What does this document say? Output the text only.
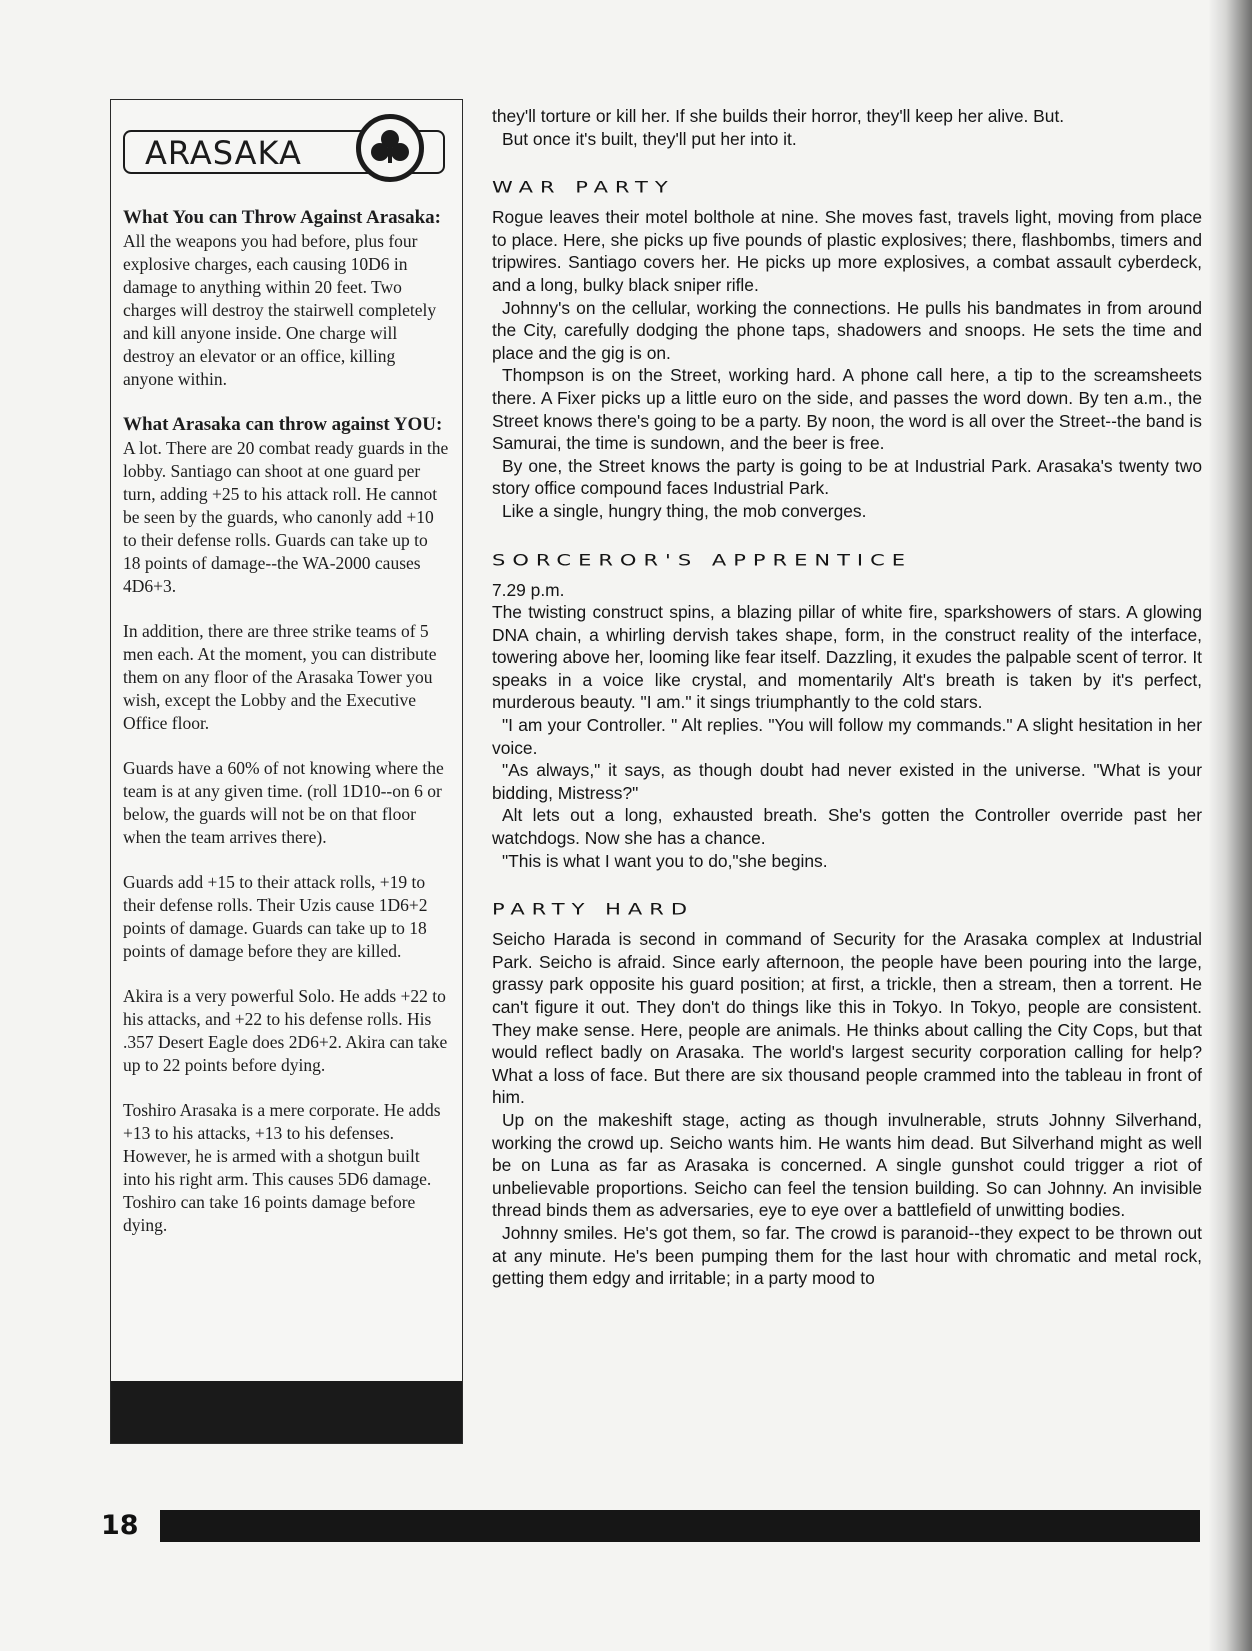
ARASAKA

What You can Throw Against Arasaka:
All the weapons you had before, plus four explosive charges, each causing 10D6 in damage to anything within 20 feet. Two charges will destroy the stairwell completely and kill anyone inside. One charge will destroy an elevator or an office, killing anyone within.

What Arasaka can throw against YOU:
A lot. There are 20 combat ready guards in the lobby. Santiago can shoot at one guard per turn, adding +25 to his attack roll. He cannot be seen by the guards, who canonly add +10 to their defense rolls. Guards can take up to 18 points of damage--the WA-2000 causes 4D6+3.

In addition, there are three strike teams of 5 men each. At the moment, you can distribute them on any floor of the Arasaka Tower you wish, except the Lobby and the Executive Office floor.

Guards have a 60% of not knowing where the team is at any given time. (roll 1D10--on 6 or below, the guards will not be on that floor when the team arrives there).

Guards add +15 to their attack rolls, +19 to their defense rolls. Their Uzis cause 1D6+2 points of damage. Guards can take up to 18 points of damage before they are killed.

Akira is a very powerful Solo. He adds +22 to his attacks, and +22 to his defense rolls. His .357 Desert Eagle does 2D6+2. Akira can take up to 22 points before dying.

Toshiro Arasaka is a mere corporate. He adds +13 to his attacks, +13 to his defenses. However, he is armed with a shotgun built into his right arm. This causes 5D6 damage. Toshiro can take 16 points damage before dying.

they'll torture or kill her. If she builds their horror, they'll keep her alive. But.

But once it's built, they'll put her into it.

WAR PARTY

Rogue leaves their motel bolthole at nine. She moves fast, travels light, moving from place to place. Here, she picks up five pounds of plastic explosives; there, flashbombs, timers and tripwires. Santiago covers her. He picks up more explosives, a combat assault cyberdeck, and a long, bulky black sniper rifle.

Johnny's on the cellular, working the connections. He pulls his bandmates in from around the City, carefully dodging the phone taps, shadowers and snoops. He sets the time and place and the gig is on.

Thompson is on the Street, working hard. A phone call here, a tip to the screamsheets there. A Fixer picks up a little euro on the side, and passes the word down. By ten a.m., the Street knows there's going to be a party. By noon, the word is all over the Street--the band is Samurai, the time is sundown, and the beer is free.

By one, the Street knows the party is going to be at Industrial Park. Arasaka's twenty two story office compound faces Industrial Park.

Like a single, hungry thing, the mob converges.

SORCEROR'S APPRENTICE

7.29 p.m.

The twisting construct spins, a blazing pillar of white fire, sparkshowers of stars. A glowing DNA chain, a whirling dervish takes shape, form, in the construct reality of the interface, towering above her, looming like fear itself. Dazzling, it exudes the palpable scent of terror. It speaks in a voice like crystal, and momentarily Alt's breath is taken by it's perfect, murderous beauty. "I am." it sings triumphantly to the cold stars.

"I am your Controller. " Alt replies. "You will follow my commands." A slight hesitation in her voice.

"As always," it says, as though doubt had never existed in the universe. "What is your bidding, Mistress?"

Alt lets out a long, exhausted breath. She's gotten the Controller override past her watchdogs. Now she has a chance.

"This is what I want you to do,"she begins.

PARTY HARD

Seicho Harada is second in command of Security for the Arasaka complex at Industrial Park. Seicho is afraid. Since early afternoon, the people have been pouring into the large, grassy park opposite his guard position; at first, a trickle, then a stream, then a torrent. He can't figure it out. They don't do things like this in Tokyo. In Tokyo, people are consistent. They make sense. Here, people are animals. He thinks about calling the City Cops, but that would reflect badly on Arasaka. The world's largest security corporation calling for help? What a loss of face. But there are six thousand people crammed into the tableau in front of him.

Up on the makeshift stage, acting as though invulnerable, struts Johnny Silverhand, working the crowd up. Seicho wants him. He wants him dead. But Silverhand might as well be on Luna as far as Arasaka is concerned. A single gunshot could trigger a riot of unbelievable proportions. Seicho can feel the tension building. So can Johnny. An invisible thread binds them as adversaries, eye to eye over a battlefield of unwitting bodies.

Johnny smiles. He's got them, so far. The crowd is paranoid--they expect to be thrown out at any minute. He's been pumping them for the last hour with chromatic and metal rock, getting them edgy and irritable; in a party mood to

18
